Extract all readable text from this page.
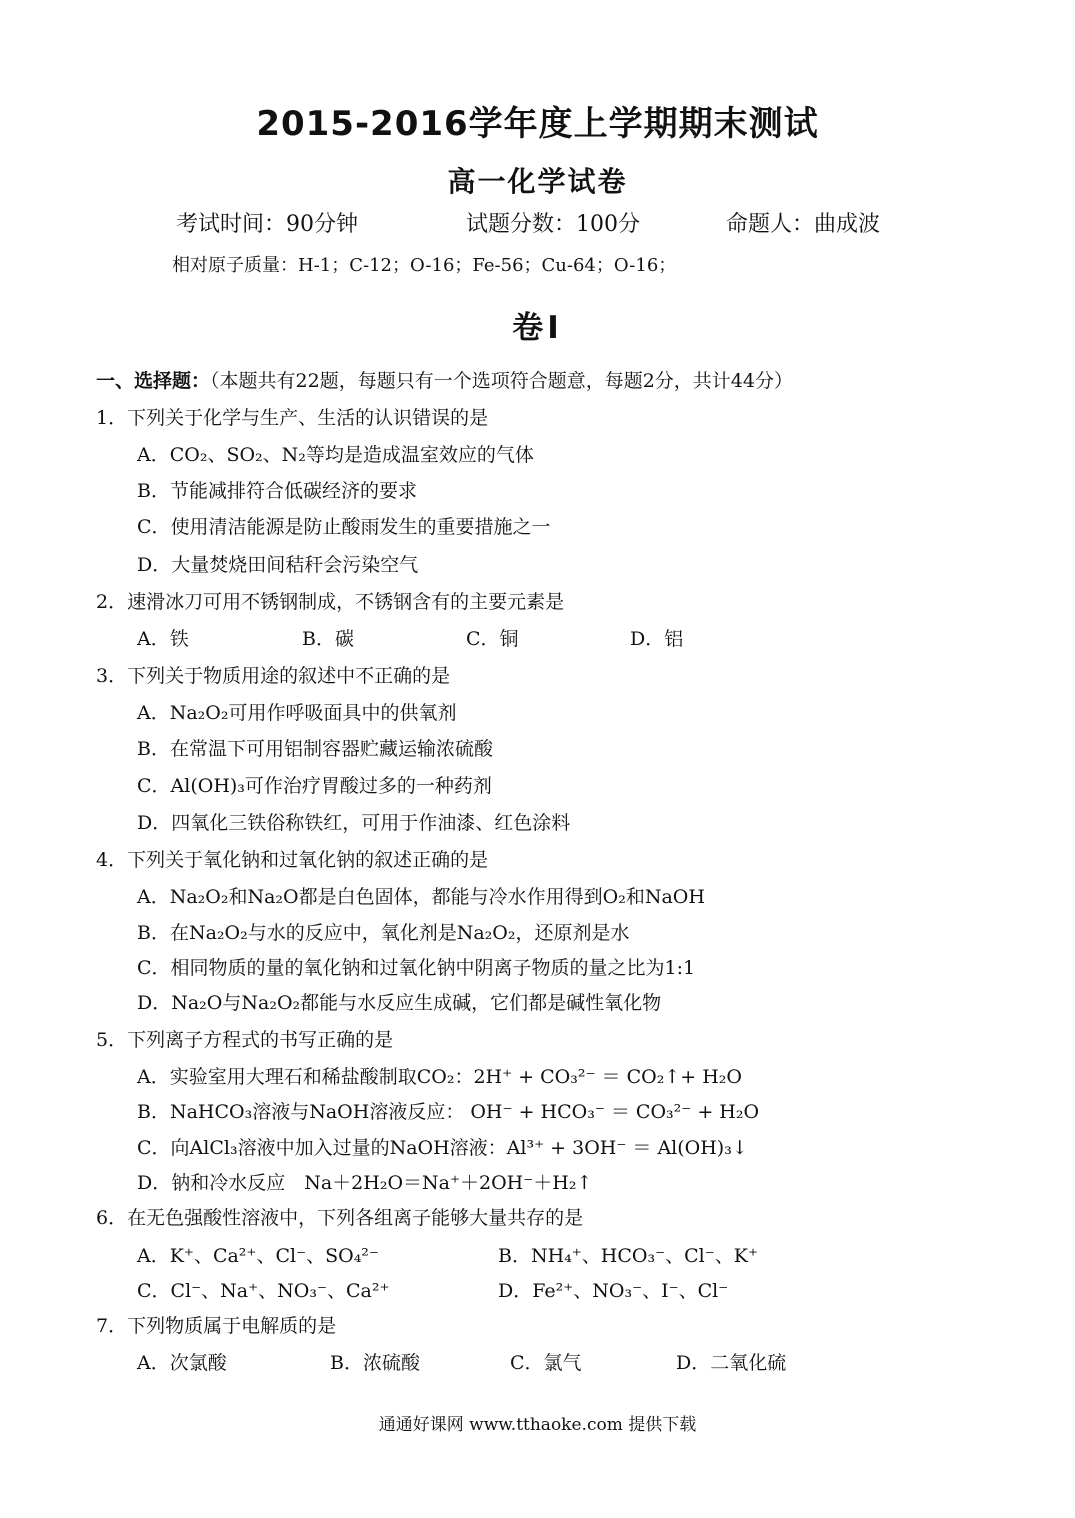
2015-2016学年度上学期期末测试
高一化学试卷
考试时间：90分钟	试题分数：100分	命题人：曲成波
相对原子质量：H-1；C-12；O-16；Fe-56；Cu-64；O-16；
卷Ⅰ
一、选择题：（本题共有22题，每题只有一个选项符合题意，每题2分，共计44分）
1．下列关于化学与生产、生活的认识错误的是
A．CO₂、SO₂、N₂等均是造成温室效应的气体
B．节能减排符合低碳经济的要求
C．使用清洁能源是防止酸雨发生的重要措施之一
D．大量焚烧田间秸秆会污染空气
2．速滑冰刀可用不锈钢制成，不锈钢含有的主要元素是
A．铁	B．碳	C．铜	D．铝
3．下列关于物质用途的叙述中不正确的是
A．Na₂O₂可用作呼吸面具中的供氧剂
B．在常温下可用铝制容器贮藏运输浓硫酸
C．Al(OH)₃可作治疗胃酸过多的一种药剂
D．四氧化三铁俗称铁红，可用于作油漆、红色涂料
4．下列关于氧化钠和过氧化钠的叙述正确的是
A．Na₂O₂和Na₂O都是白色固体，都能与冷水作用得到O₂和NaOH
B．在Na₂O₂与水的反应中，氧化剂是Na₂O₂，还原剂是水
C．相同物质的量的氧化钠和过氧化钠中阴离子物质的量之比为1:1
D．Na₂O与Na₂O₂都能与水反应生成碱，它们都是碱性氧化物
5．下列离子方程式的书写正确的是
A．实验室用大理石和稀盐酸制取CO₂：2H⁺ + CO₃²⁻ ＝ CO₂↑+ H₂O
B．NaHCO₃溶液与NaOH溶液反应： OH⁻ + HCO₃⁻ ＝ CO₃²⁻ + H₂O
C．向AlCl₃溶液中加入过量的NaOH溶液：Al³⁺ + 3OH⁻ ＝ Al(OH)₃↓
D．钠和冷水反应　Na＋2H₂O＝Na⁺＋2OH⁻＋H₂↑
6．在无色强酸性溶液中，下列各组离子能够大量共存的是
A．K⁺、Ca²⁺、Cl⁻、SO₄²⁻	B．NH₄⁺、HCO₃⁻、Cl⁻、K⁺
C．Cl⁻、Na⁺、NO₃⁻、Ca²⁺	D．Fe²⁺、NO₃⁻、I⁻、Cl⁻
7．下列物质属于电解质的是
A．次氯酸	B．浓硫酸	C．氯气	D．二氧化硫
通通好课网 www.tthaoke.com 提供下载
